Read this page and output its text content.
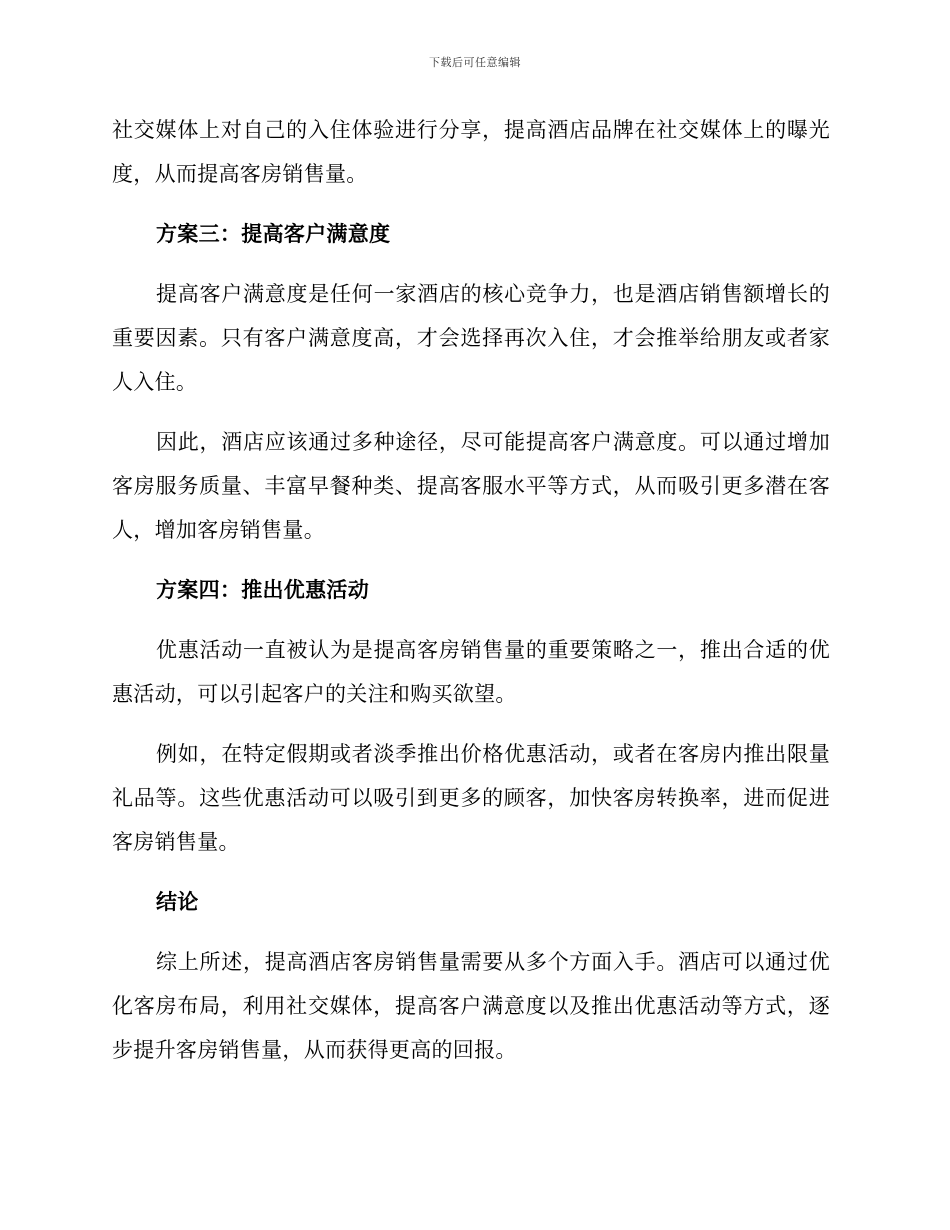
下载后可任意编辑

社交媒体上对自己的入住体验进行分享，提高酒店品牌在社交媒体上的曝光度，从而提高客房销售量。

方案三：提高客户满意度

提高客户满意度是任何一家酒店的核心竞争力，也是酒店销售额增长的重要因素。只有客户满意度高，才会选择再次入住，才会推举给朋友或者家人入住。

因此，酒店应该通过多种途径，尽可能提高客户满意度。可以通过增加客房服务质量、丰富早餐种类、提高客服水平等方式，从而吸引更多潜在客人，增加客房销售量。

方案四：推出优惠活动

优惠活动一直被认为是提高客房销售量的重要策略之一，推出合适的优惠活动，可以引起客户的关注和购买欲望。

例如，在特定假期或者淡季推出价格优惠活动，或者在客房内推出限量礼品等。这些优惠活动可以吸引到更多的顾客，加快客房转换率，进而促进客房销售量。

结论

综上所述，提高酒店客房销售量需要从多个方面入手。酒店可以通过优化客房布局，利用社交媒体，提高客户满意度以及推出优惠活动等方式，逐步提升客房销售量，从而获得更高的回报。
